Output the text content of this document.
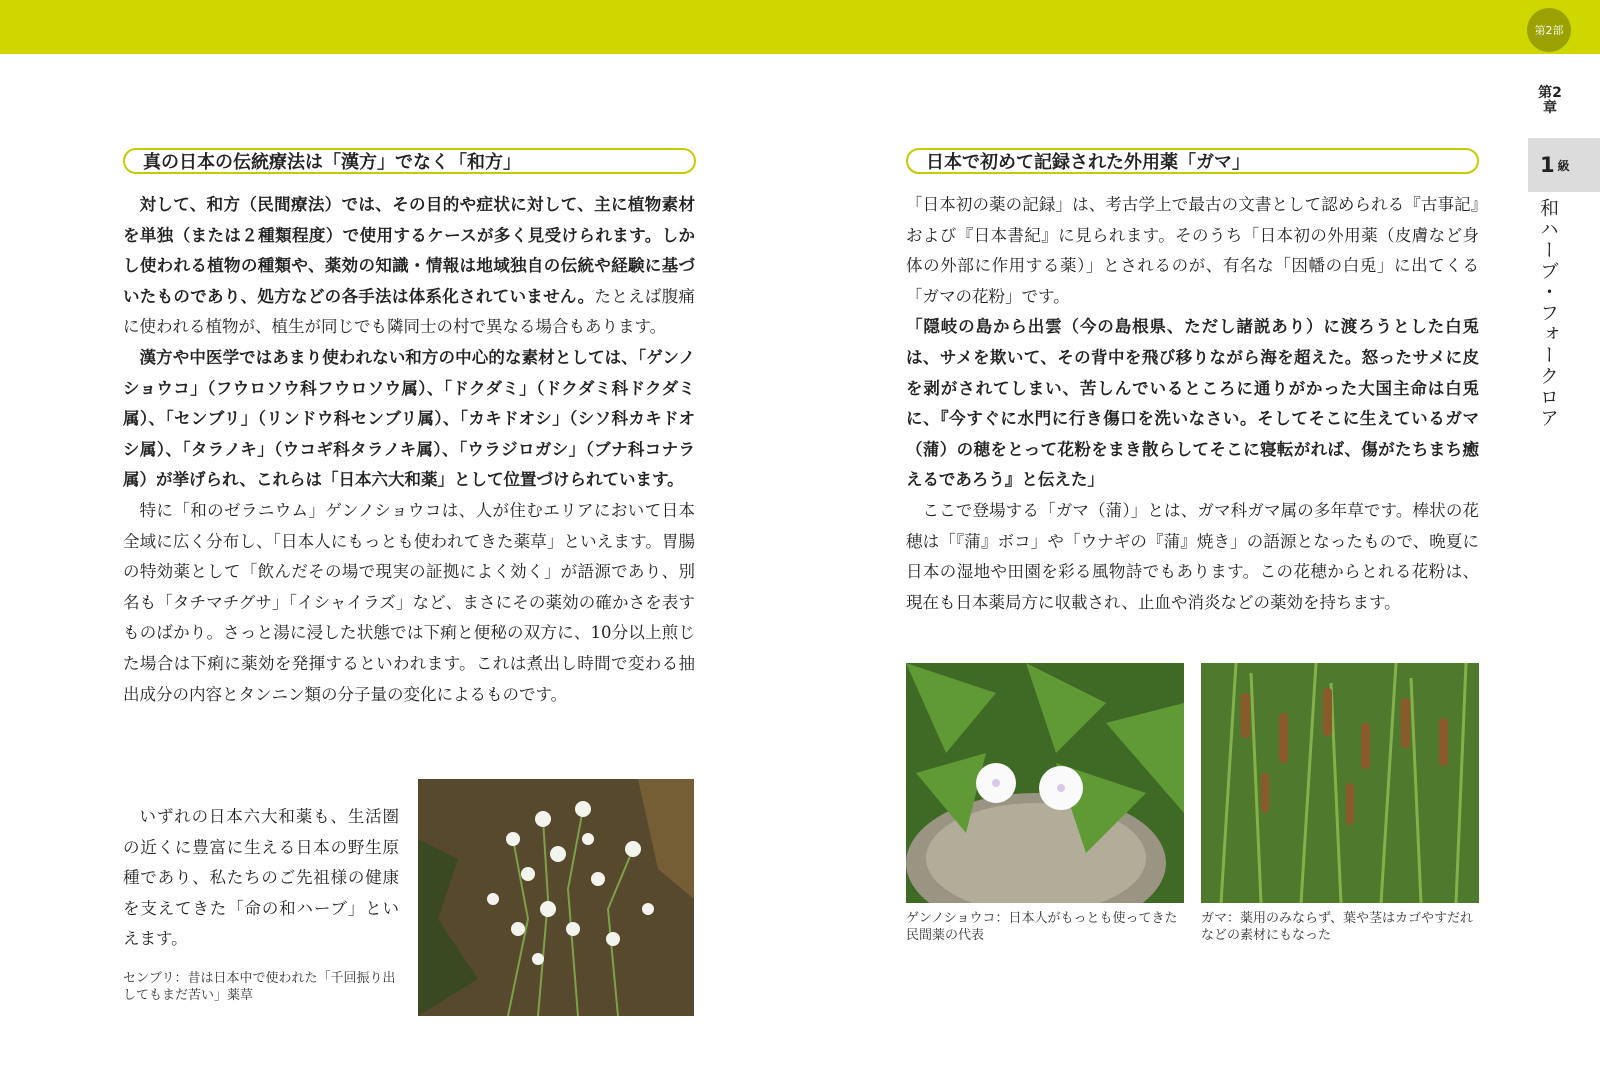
第2部
第2章
1 級
和ハーブ・フォークロア
真の日本の伝統療法は「漢方」でなく「和方」

対して、和方（民間療法）では、その目的や症状に対して、主に植物素材を単独（または２種類程度）で使用するケースが多く見受けられます。しかし使われる植物の種類や、薬効の知識・情報は地域独自の伝統や経験に基づいたものであり、処方などの各手法は体系化されていません。たとえば腹痛に使われる植物が、植生が同じでも隣同士の村で異なる場合もあります。

漢方や中医学ではあまり使われない和方の中心的な素材としては、「ゲンノショウコ」（フウロソウ科フウロソウ属）、「ドクダミ」（ドクダミ科ドクダミ属）、「センブリ」（リンドウ科センブリ属）、「カキドオシ」（シソ科カキドオシ属）、「タラノキ」（ウコギ科タラノキ属）、「ウラジロガシ」（ブナ科コナラ属）が挙げられ、これらは「日本六大和薬」として位置づけられています。

特に「和のゼラニウム」ゲンノショウコは、人が住むエリアにおいて日本全域に広く分布し、「日本人にもっとも使われてきた薬草」といえます。胃腸の特効薬として「飲んだその場で現実の証拠によく効く」が語源であり、別名も「タチマチグサ」「イシャイラズ」など、まさにその薬効の確かさを表すものばかり。さっと湯に浸した状態では下痢と便秘の双方に、10分以上煎じた場合は下痢に薬効を発揮するといわれます。これは煮出し時間で変わる抽出成分の内容とタンニン類の分子量の変化によるものです。

いずれの日本六大和薬も、生活圏の近くに豊富に生える日本の野生原種であり、私たちのご先祖様の健康を支えてきた「命の和ハーブ」といえます。

センブリ：昔は日本中で使われた「千回振り出してもまだ苦い」薬草
日本で初めて記録された外用薬「ガマ」

「日本初の薬の記録」は、考古学上で最古の文書として認められる『古事記』および『日本書紀』に見られます。そのうち「日本初の外用薬（皮膚など身体の外部に作用する薬）」とされるのが、有名な「因幡の白兎」に出てくる「ガマの花粉」です。

「隠岐の島から出雲（今の島根県、ただし諸説あり）に渡ろうとした白兎は、サメを欺いて、その背中を飛び移りながら海を超えた。怒ったサメに皮を剥がされてしまい、苦しんでいるところに通りがかった大国主命は白兎に、『今すぐに水門に行き傷口を洗いなさい。そしてそこに生えているガマ（蒲）の穂をとって花粉をまき散らしてそこに寝転がれば、傷がたちまち癒えるであろう』と伝えた」

ここで登場する「ガマ（蒲）」とは、ガマ科ガマ属の多年草です。棒状の花穂は「『蒲』ボコ」や「ウナギの『蒲』焼き」の語源となったもので、晩夏に日本の湿地や田園を彩る風物詩でもあります。この花穂からとれる花粉は、現在も日本薬局方に収載され、止血や消炎などの薬効を持ちます。

ゲンノショウコ：日本人がもっとも使ってきた民間薬の代表
ガマ：薬用のみならず、葉や茎はカゴやすだれなどの素材にもなった
